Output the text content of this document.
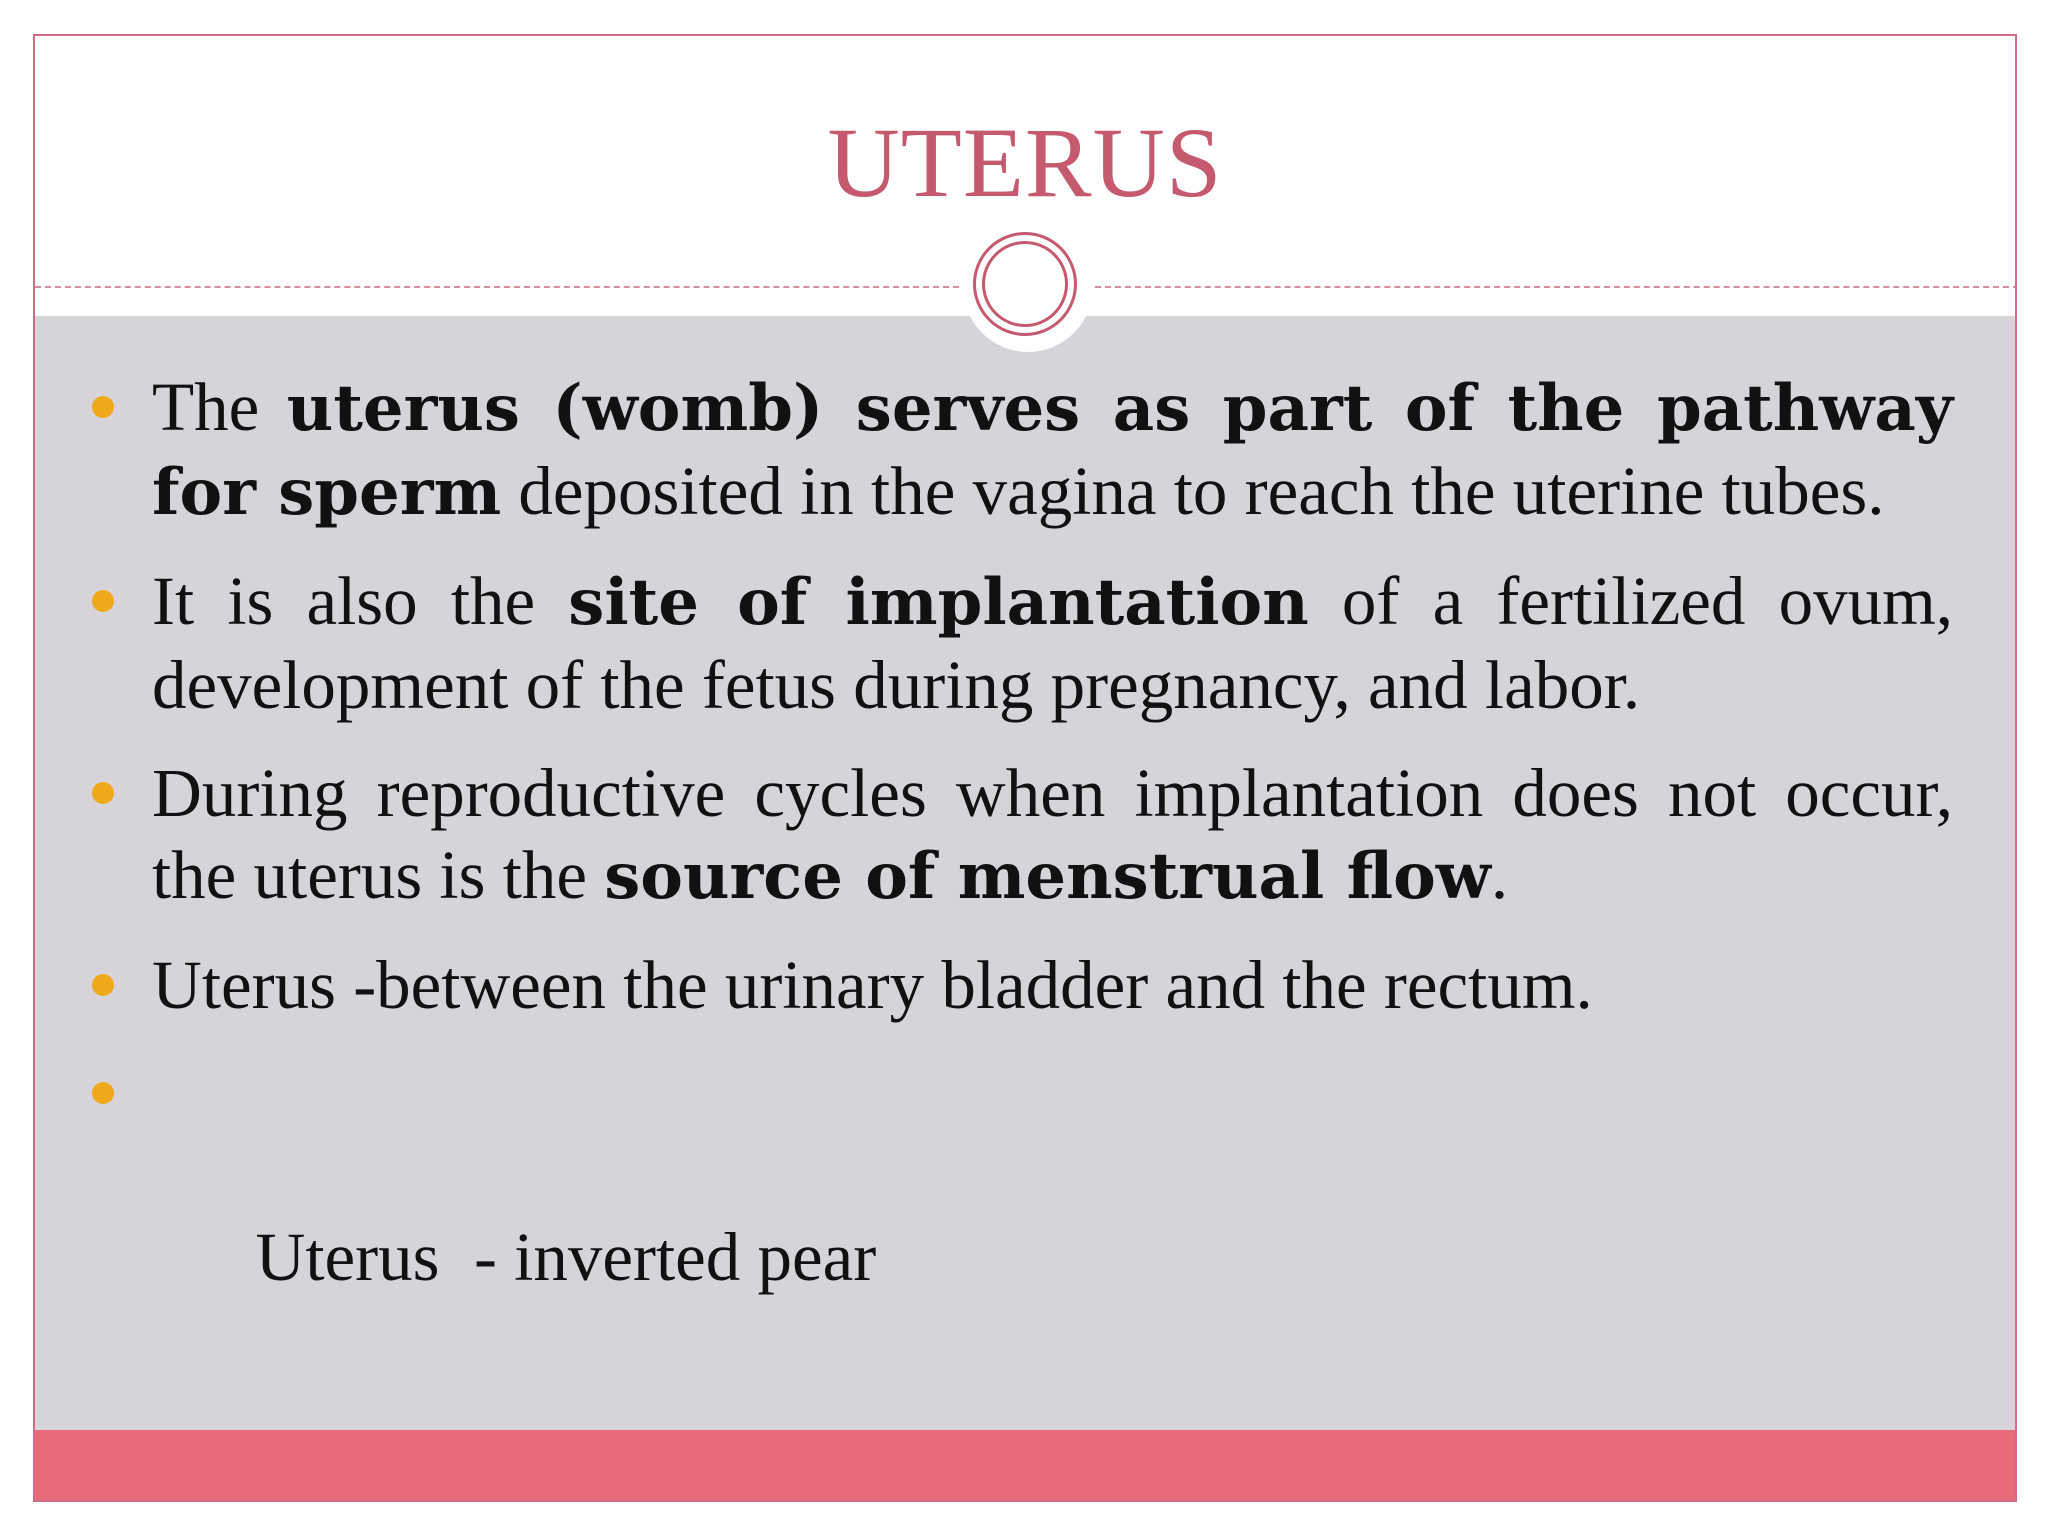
UTERUS
The uterus (womb) serves as part of the pathway for sperm deposited in the vagina to reach the uterine tubes.
It is also the site of implantation of a fertilized ovum, development of the fetus during pregnancy, and labor.
During reproductive cycles when implantation does not occur, the uterus is the source of menstrual flow.
Uterus -between the urinary bladder and the rectum.

Uterus  - inverted pear
